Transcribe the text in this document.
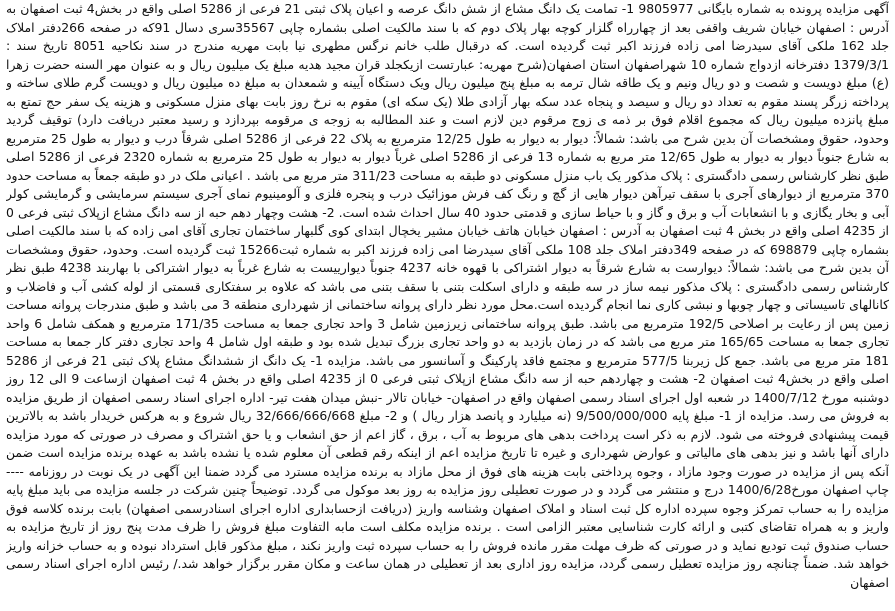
آگهی مزایده پرونده به شماره بایگانی 9805977 1- تمامت یک دانگ مشاع از شش دانگ عرصه و اعیان پلاک ثبتی 21 فرعی از 5286 اصلی واقع در بخش4 ثبت اصفهان به آدرس : اصفهان خیابان شریف واقفی بعد از چهارراه گلزار کوچه بهار پلاک دوم که با سند مالکیت اصلی بشماره چاپی 35567سری دسال 91که در صفحه 266دفتر املاک جلد 162 ملکی آقای سیدرضا امی زاده فرزند اکبر ثبت گردیده است. که درقبال طلب خانم نرگس مطهری نیا بابت مهریه مندرج در سند نکاحیه 8051 تاریخ سند : 1379/3/1 دفترخانه ازدواج شماره 10 شهراصفهان استان اصفهان(شرح مهریه: عبارتست ازیکجلد قران مجید هدیه مبلغ یک میلیون ریال و به عنوان مهر السنه حضرت زهرا (ع) مبلغ دویست و شصت و دو ریال ونیم و یک طاقه شال ترمه به مبلغ پنج میلیون ریال ویک دستگاه آیینه و شمعدان به مبلغ ده میلیون ریال و دویست گرم طلای ساخته و پرداخته زرگر پسند مقوم به تعداد دو ریال و سیصد و پنجاه عدد سکه بهار آزادی طلا (یک سکه ای) مقوم به نرخ روز بابت بهای منزل مسکونی و هزینه یک سفر حج تمتع به مبلغ پانزده میلیون ریال که مجموع اقلام فوق بر ذمه ی زوج مرقوم دین لازم است و عند المطالبه به زوجه ی مرقومه بپردازد و رسید معتبر دریافت دارد) توقیف گردید وحدود، حقوق ومشخصات آن بدین شرح می باشد: شمالاً: دیوار به دیوار به طول 12/25 مترمربع به پلاک 22 فرعی از 5286 اصلی شرقاً درب و دیوار به طول 25 مترمربع به شارع جنوباً دیوار به دیوار به طول 12/65 متر مربع به شماره 13 فرعی از 5286 اصلی غرباً دیوار به دیوار به طول 25 مترمربع به شماره 2320 فرعی از 5286 اصلی طبق نظر کارشناس رسمی دادگستری : پلاک مذکور یک باب منزل مسکونی دو طبقه به مساحت 311/23 متر مربع می باشد . اعیانی ملک در دو طبقه جمعاً به مساحت حدود 370 مترمربع از دیوارهای آجری با سقف تیرآهن دیوار هایی از گچ و رنگ کف فرش موزائیک درب و پنجره فلزی و آلومینیوم نمای آجری سیستم سرمایشی و گرمایشی کولر آبی و بخار یگازی و با انشعابات آب و برق و گاز و با حیاط سازی و قدمتی حدود 40 سال احداث شده است. 2- هشت وچهار دهم حبه از سه دانگ مشاع ازپلاک ثبتی فرعی 0 از 4235 اصلی واقع در بخش 4 ثبت اصفهان به آدرس : اصفهان خیابان هاتف خیابان مشیر یخچال ابتدای کوی گلبهار ساختمان تجاری آقای امی زاده که با سند مالکیت اصلی بشماره چاپی 698879 که در صفحه 349دفتر املاک جلد 108 ملکی آقای سیدرضا امی زاده فرزند اکبر به شماره ثبت15266 ثبت گردیده است. وحدود، حقوق ومشخصات آن بدین شرح می باشد: شمالاً: دیوارست به شارع شرقاً به دیوار اشتراکی با قهوه خانه 4237 جنوباً دیوارییست به شارع غرباً به دیوار اشتراکی با بهاربند 4238 طبق نظر کارشناس رسمی دادگستری : پلاک مذکور نیمه ساز در سه طبقه و دارای اسکلت بتنی با سقف بتنی می باشد که علاوه بر سفتکاری قسمتی از لوله کشی آب و فاضلاب و کانالهای تاسیساتی و چهار چوبها و نبشی کاری نما انجام گردیده است.محل مورد نظر دارای پروانه ساختمانی از شهرداری منطقه 3 می باشد و طبق مندرجات پروانه مساحت زمین پس از رعایت بر اصلاحی 192/5 مترمربع می باشد. طبق پروانه ساختمانی زیرزمین شامل 3 واحد تجاری جمعا به مساحت 171/35 مترمربع و همکف شامل 6 واحد تجاری جمعا به مساحت 165/65 متر مربع می باشد که در زمان بازدید به دو واحد تجاری بزرگ تبدیل شده بود و طبقه اول شامل 4 واحد تجاری دفتر کار جمعا به مساحت 181 متر مربع می باشد. جمع کل زیربنا 577/5 مترمربع و مجتمع فاقد پارکینگ و آسانسور می باشد. مزایده 1- یک دانگ از ششدانگ مشاع پلاک ثبتی 21 فرعی از 5286 اصلی واقع در بخش4 ثبت اصفهان 2- هشت و چهاردهم حبه از سه دانگ مشاع ازپلاک ثبتی فرعی 0 از 4235 اصلی واقع در بخش 4 ثبت اصفهان ازساعت 9 الی 12 روز دوشنبه مورخ 1400/7/12 در شعبه اول اجرای اسناد رسمی اصفهان واقع در اصفهان- خیابان تالار -نبش میدان هفت تیر- اداره اجرای اسناد رسمی اصفهان از طریق مزایده به فروش می رسد. مزایده از 1- مبلغ پایه 9/500/000/000 (نه میلیارد و پانصد هزار ریال ) و 2- مبلغ 32/666/666/668 ریال شروع و به هرکس خریدار باشد به بالاترین قیمت پیشنهادی فروخته می شود. لازم به ذکر است پرداخت بدهی های مربوط به آب ، برق ، گاز اعم از حق انشعاب و یا حق اشتراک و مصرف در صورتی که مورد مزایده دارای آنها باشد و نیز بدهی های مالیاتی و عوارض شهرداری و غیره تا تاریخ مزایده اعم از اینکه رقم قطعی آن معلوم شده یا نشده باشد به عهده برنده مزایده است ضمن آنکه پس از مزایده در صورت وجود مازاد ، وجوه پرداختی بابت هزینه های فوق از محل مازاد به برنده مزایده مسترد می گردد ضمنا این آگهی در یک نوبت در روزنامه ---- چاپ اصفهان مورخ1400/6/28 درج و منتشر می گردد و در صورت تعطیلی روز مزایده به روز بعد موکول می گردد. توضیحاً چنین شرکت در جلسه مزایده می باید مبلغ پایه مزایده را به حساب تمرکز وجوه سپرده اداره کل ثبت اسناد و املاک اصفهان وشناسه واریز (دریافت ازحسابداری اداره اجرای اسنادرسمی اصفهان) بابت برنده کلاسه فوق واریز و به همراه تقاضای کتبی و ارائه کارت شناسایی معتبر الزامی است . برنده مزایده مکلف است مابه التفاوت مبلغ فروش را ظرف مدت پنج روز از تاریخ مزایده به حساب صندوق ثبت تودیع نماید و در صورتی که ظرف مهلت مقرر مانده فروش را به حساب سپرده ثبت واریز نکند ، مبلغ مذکور قابل استرداد نبوده و به حساب خزانه واریز خواهد شد. ضمناً چنانچه روز مزایده تعطیل رسمی گردد، مزایده روز اداری بعد از تعطیلی در همان ساعت و مکان مقرر برگزار خواهد شد./ رئیس اداره اجرای اسناد رسمی اصفهان
